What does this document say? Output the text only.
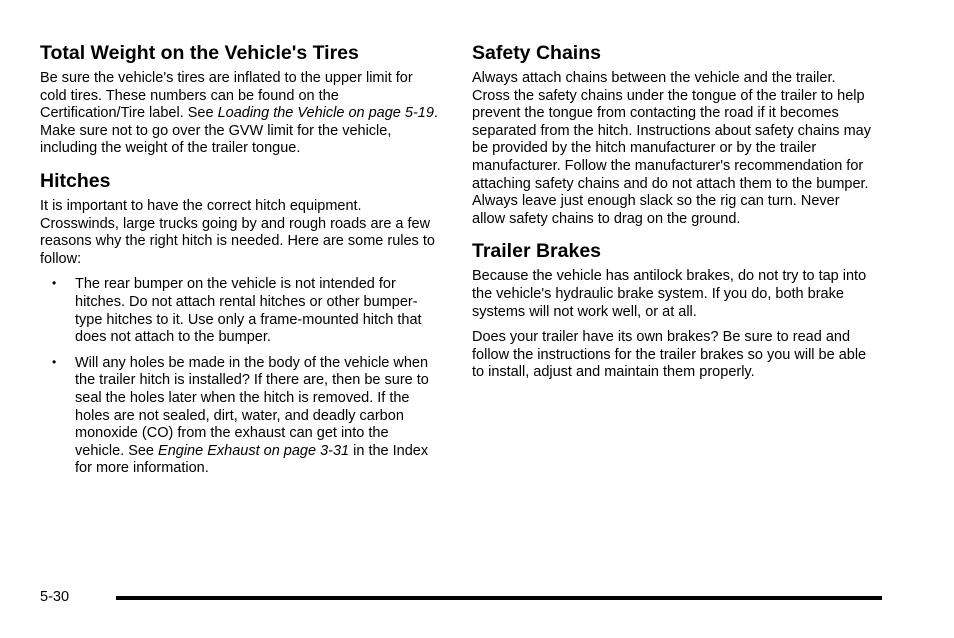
Total Weight on the Vehicle's Tires

Be sure the vehicle's tires are inflated to the upper limit for cold tires. These numbers can be found on the Certification/Tire label. See Loading the Vehicle on page 5-19. Make sure not to go over the GVW limit for the vehicle, including the weight of the trailer tongue.

Hitches

It is important to have the correct hitch equipment. Crosswinds, large trucks going by and rough roads are a few reasons why the right hitch is needed. Here are some rules to follow:

• The rear bumper on the vehicle is not intended for hitches. Do not attach rental hitches or other bumper-type hitches to it. Use only a frame-mounted hitch that does not attach to the bumper.
• Will any holes be made in the body of the vehicle when the trailer hitch is installed? If there are, then be sure to seal the holes later when the hitch is removed. If the holes are not sealed, dirt, water, and deadly carbon monoxide (CO) from the exhaust can get into the vehicle. See Engine Exhaust on page 3-31 in the Index for more information.
Safety Chains

Always attach chains between the vehicle and the trailer. Cross the safety chains under the tongue of the trailer to help prevent the tongue from contacting the road if it becomes separated from the hitch. Instructions about safety chains may be provided by the hitch manufacturer or by the trailer manufacturer. Follow the manufacturer's recommendation for attaching safety chains and do not attach them to the bumper. Always leave just enough slack so the rig can turn. Never allow safety chains to drag on the ground.

Trailer Brakes

Because the vehicle has antilock brakes, do not try to tap into the vehicle's hydraulic brake system. If you do, both brake systems will not work well, or at all.

Does your trailer have its own brakes? Be sure to read and follow the instructions for the trailer brakes so you will be able to install, adjust and maintain them properly.

5-30
